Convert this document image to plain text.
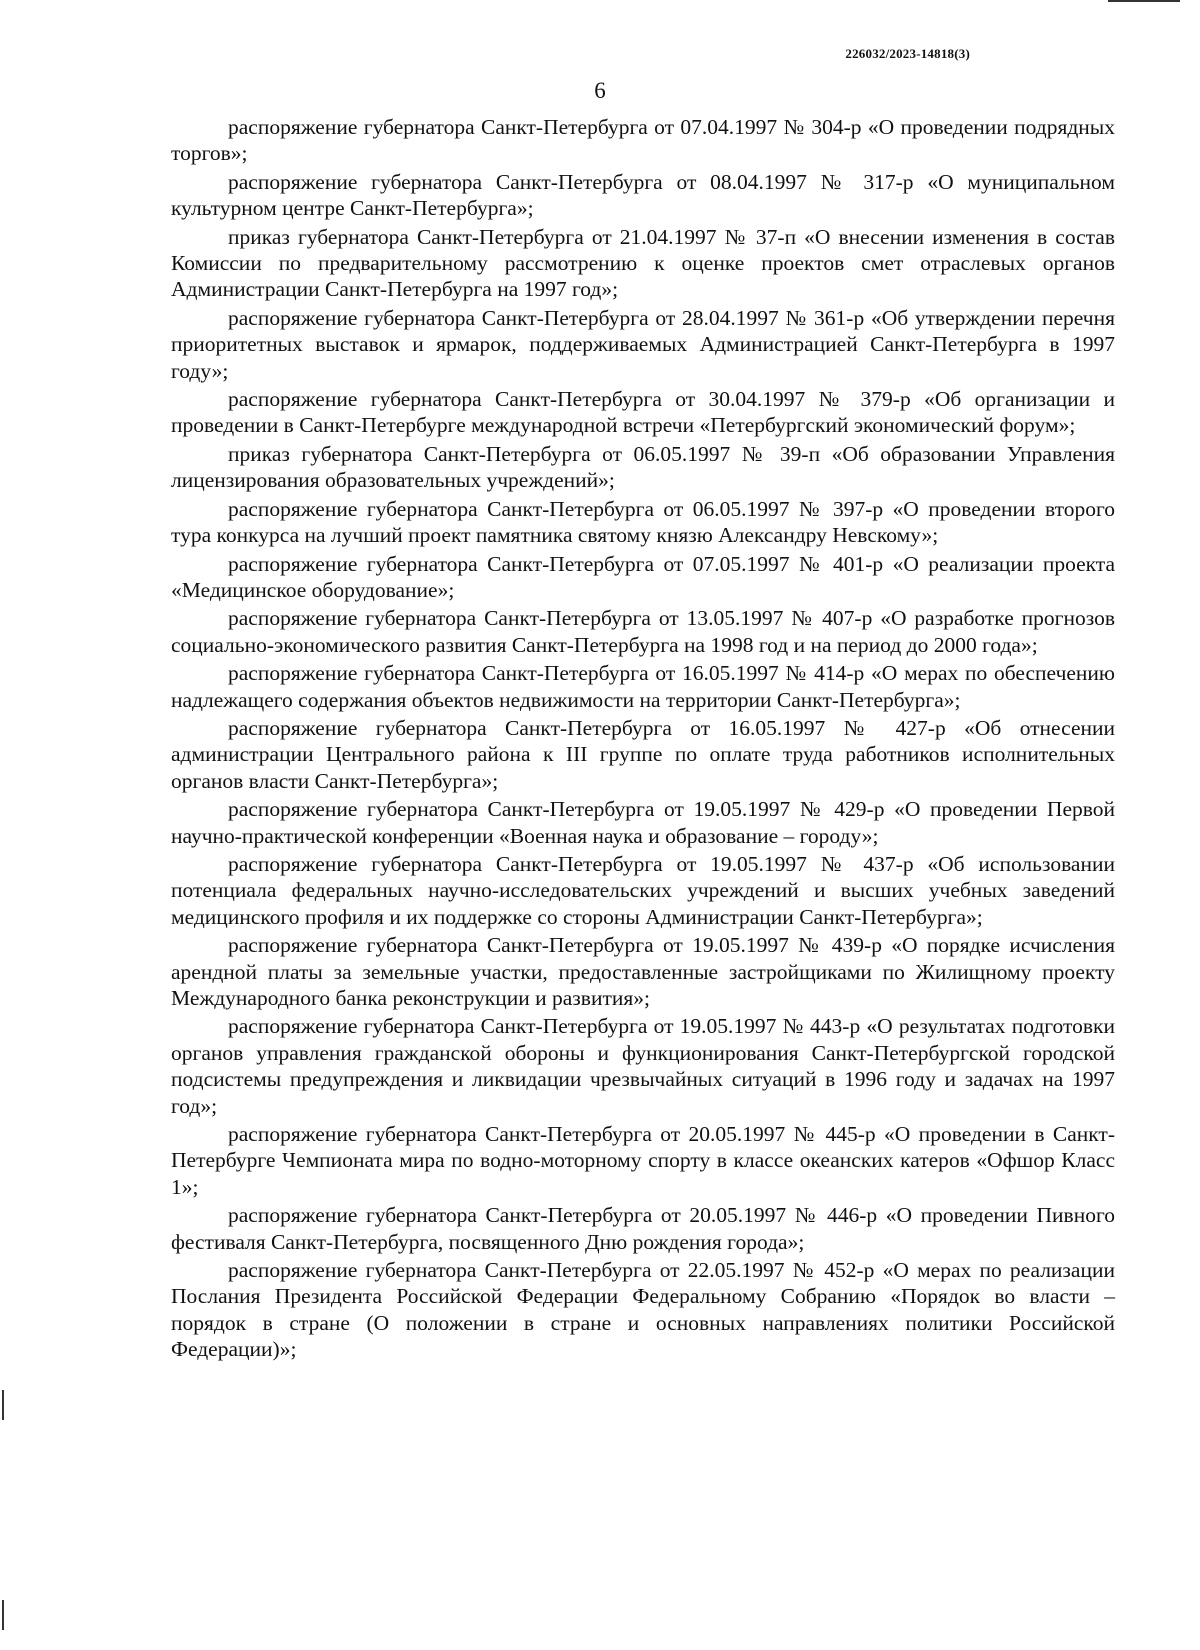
226032/2023-14818(3)
6

распоряжение губернатора Санкт-Петербурга от 07.04.1997 № 304-р «О проведении подрядных торгов»;

распоряжение губернатора Санкт-Петербурга от 08.04.1997 № 317-р «О муниципальном культурном центре Санкт-Петербурга»;

приказ губернатора Санкт-Петербурга от 21.04.1997 № 37-п «О внесении изменения в состав Комиссии по предварительному рассмотрению к оценке проектов смет отраслевых органов Администрации Санкт-Петербурга на 1997 год»;

распоряжение губернатора Санкт-Петербурга от 28.04.1997 № 361-р «Об утверждении перечня приоритетных выставок и ярмарок, поддерживаемых Администрацией Санкт-Петербурга в 1997 году»;

распоряжение губернатора Санкт-Петербурга от 30.04.1997 № 379-р «Об организации и проведении в Санкт-Петербурге международной встречи «Петербургский экономический форум»;

приказ губернатора Санкт-Петербурга от 06.05.1997 № 39-п «Об образовании Управления лицензирования образовательных учреждений»;

распоряжение губернатора Санкт-Петербурга от 06.05.1997 № 397-р «О проведении второго тура конкурса на лучший проект памятника святому князю Александру Невскому»;

распоряжение губернатора Санкт-Петербурга от 07.05.1997 № 401-р «О реализации проекта «Медицинское оборудование»;

распоряжение губернатора Санкт-Петербурга от 13.05.1997 № 407-р «О разработке прогнозов социально-экономического развития Санкт-Петербурга на 1998 год и на период до 2000 года»;

распоряжение губернатора Санкт-Петербурга от 16.05.1997 № 414-р «О мерах по обеспечению надлежащего содержания объектов недвижимости на территории Санкт-Петербурга»;

распоряжение губернатора Санкт-Петербурга от 16.05.1997 № 427-р «Об отнесении администрации Центрального района к III группе по оплате труда работников исполнительных органов власти Санкт-Петербурга»;

распоряжение губернатора Санкт-Петербурга от 19.05.1997 № 429-р «О проведении Первой научно-практической конференции «Военная наука и образование – городу»;

распоряжение губернатора Санкт-Петербурга от 19.05.1997 № 437-р «Об использовании потенциала федеральных научно-исследовательских учреждений и высших учебных заведений медицинского профиля и их поддержке со стороны Администрации Санкт-Петербурга»;

распоряжение губернатора Санкт-Петербурга от 19.05.1997 № 439-р «О порядке исчисления арендной платы за земельные участки, предоставленные застройщиками по Жилищному проекту Международного банка реконструкции и развития»;

распоряжение губернатора Санкт-Петербурга от 19.05.1997 № 443-р «О результатах подготовки органов управления гражданской обороны и функционирования Санкт-Петербургской городской подсистемы предупреждения и ликвидации чрезвычайных ситуаций в 1996 году и задачах на 1997 год»;

распоряжение губернатора Санкт-Петербурга от 20.05.1997 № 445-р «О проведении в Санкт-Петербурге Чемпионата мира по водно-моторному спорту в классе океанских катеров «Офшор Класс 1»;

распоряжение губернатора Санкт-Петербурга от 20.05.1997 № 446-р «О проведении Пивного фестиваля Санкт-Петербурга, посвященного Дню рождения города»;

распоряжение губернатора Санкт-Петербурга от 22.05.1997 № 452-р «О мерах по реализации Послания Президента Российской Федерации Федеральному Собранию «Порядок во власти – порядок в стране (О положении в стране и основных направлениях политики Российской Федерации)»;
